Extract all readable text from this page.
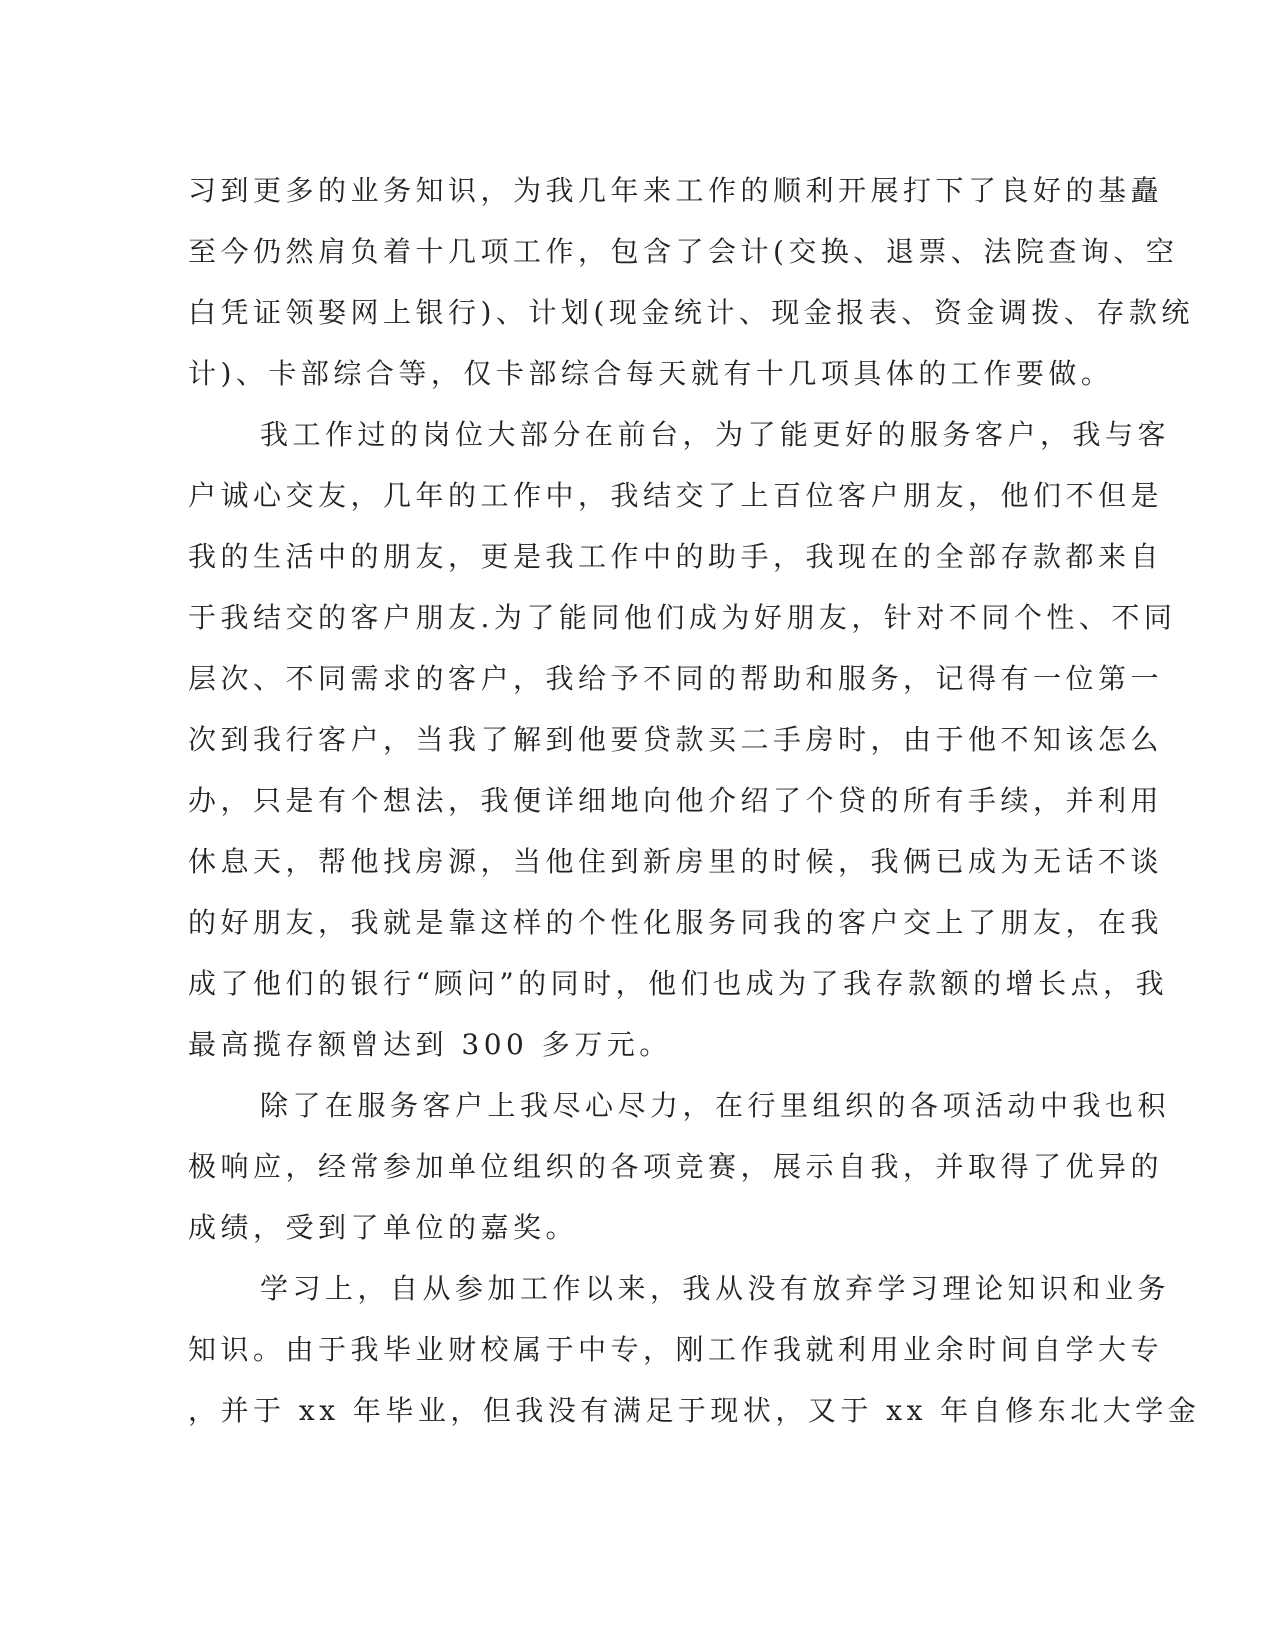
习到更多的业务知识，为我几年来工作的顺利开展打下了良好的基矗
至今仍然肩负着十几项工作，包含了会计(交换、退票、法院查询、空
白凭证领娶网上银行)、计划(现金统计、现金报表、资金调拨、存款统
计)、卡部综合等，仅卡部综合每天就有十几项具体的工作要做。
我工作过的岗位大部分在前台，为了能更好的服务客户，我与客
户诚心交友，几年的工作中，我结交了上百位客户朋友，他们不但是
我的生活中的朋友，更是我工作中的助手，我现在的全部存款都来自
于我结交的客户朋友.为了能同他们成为好朋友，针对不同个性、不同
层次、不同需求的客户，我给予不同的帮助和服务，记得有一位第一
次到我行客户，当我了解到他要贷款买二手房时，由于他不知该怎么
办，只是有个想法，我便详细地向他介绍了个贷的所有手续，并利用
休息天，帮他找房源，当他住到新房里的时候，我俩已成为无话不谈
的好朋友，我就是靠这样的个性化服务同我的客户交上了朋友，在我
成了他们的银行“顾问”的同时，他们也成为了我存款额的增长点，我
最高揽存额曾达到 300 多万元。
除了在服务客户上我尽心尽力，在行里组织的各项活动中我也积
极响应，经常参加单位组织的各项竞赛，展示自我，并取得了优异的
成绩，受到了单位的嘉奖。
学习上，自从参加工作以来，我从没有放弃学习理论知识和业务
知识。由于我毕业财校属于中专，刚工作我就利用业余时间自学大专
，并于 xx 年毕业，但我没有满足于现状，又于 xx 年自修东北大学金
